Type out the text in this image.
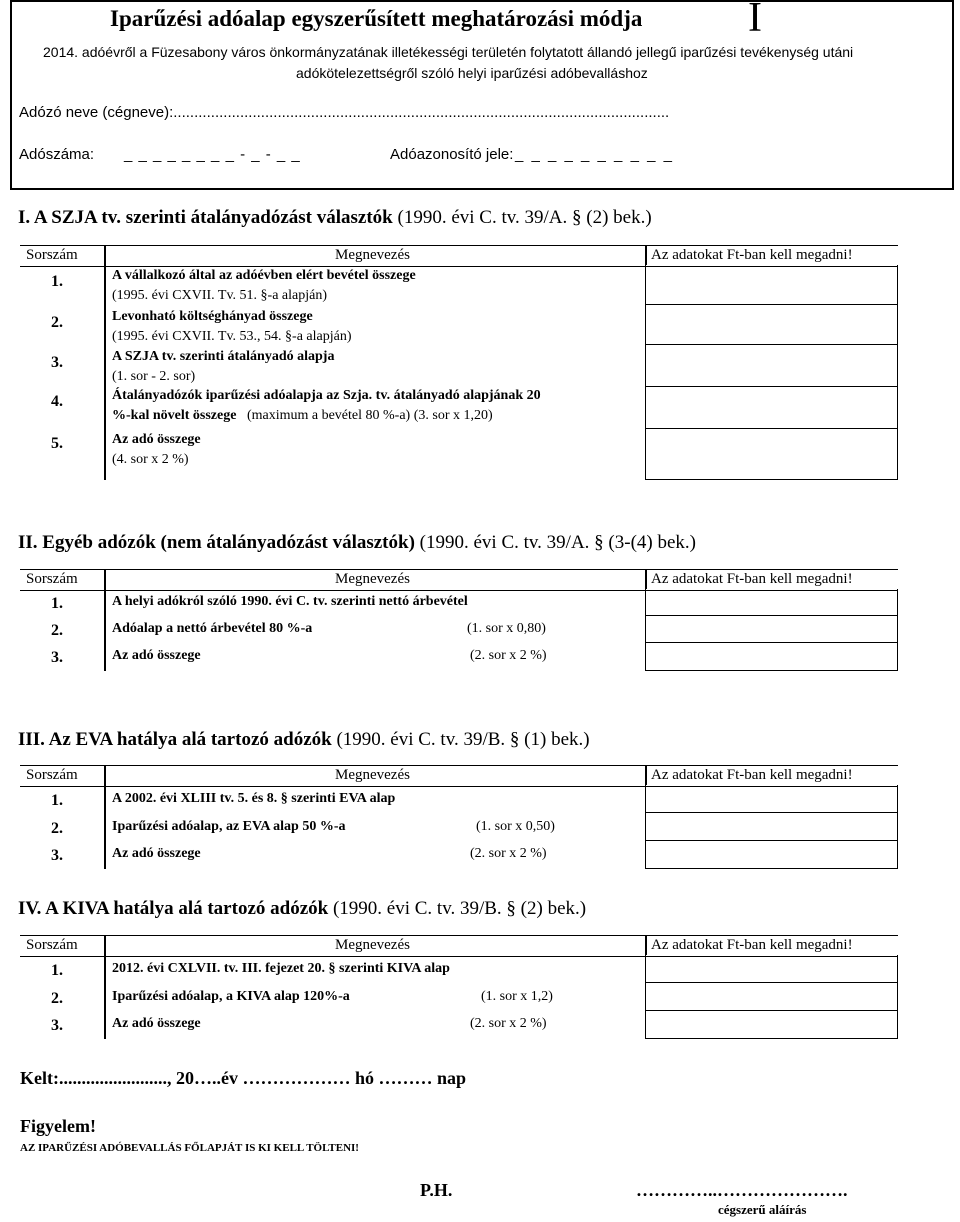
Iparűzési adóalap egyszerűsített meghatározási módja	I
2014. adóévről a Füzesabony város önkormányzatának illetékességi területén folytatott állandó jellegű iparűzési tevékenység utáni
adókötelezettségről szóló helyi iparűzési adóbevalláshoz
Adózó neve (cégneve):.......................................................................................................................
Adószáma: _ _ _ _ _ _ _ _ - _ - _ _	Adóazonosító jele: _ _ _ _ _ _ _ _ _ _
I. A SZJA tv. szerinti átalányadózást választók (1990. évi C. tv. 39/A. § (2) bek.)
Sorszám	Megnevezés	Az adatokat Ft-ban kell megadni!
1.	A vállalkozó által az adóévben elért bevétel összege
(1995. évi CXVII. Tv. 51. §-a alapján)
2.	Levonható költséghányad összege
(1995. évi CXVII. Tv. 53., 54. §-a alapján)
3.	A SZJA tv. szerinti átalányadó alapja
(1. sor - 2. sor)
4.	Átalányadózók iparűzési adóalapja az Szja. tv. átalányadó alapjának 20
%-kal növelt összege (maximum a bevétel 80 %-a) (3. sor x 1,20)
5.	Az adó összege
(4. sor x 2 %)
II. Egyéb adózók (nem átalányadózást választók) (1990. évi C. tv. 39/A. § (3-(4) bek.)
Sorszám	Megnevezés	Az adatokat Ft-ban kell megadni!
1.	A helyi adókról szóló 1990. évi C. tv. szerinti nettó árbevétel
2.	Adóalap a nettó árbevétel 80 %-a	(1. sor x 0,80)
3.	Az adó összege	(2. sor x 2 %)
III. Az EVA hatálya alá tartozó adózók (1990. évi C. tv. 39/B. § (1) bek.)
Sorszám	Megnevezés	Az adatokat Ft-ban kell megadni!
1.	A 2002. évi XLIII tv. 5. és 8. § szerinti EVA alap
2.	Iparűzési adóalap, az EVA alap 50 %-a	(1. sor x 0,50)
3.	Az adó összege	(2. sor x 2 %)
IV. A KIVA hatálya alá tartozó adózók (1990. évi C. tv. 39/B. § (2) bek.)
Sorszám	Megnevezés	Az adatokat Ft-ban kell megadni!
1.	2012. évi CXLVII. tv. III. fejezet 20. § szerinti KIVA alap
2.	Iparűzési adóalap, a KIVA alap 120%-a	(1. sor x 1,2)
3.	Az adó összege	(2. sor x 2 %)
Kelt:........................, 20…..év ……………… hó ……… nap
Figyelem!
AZ IPARŰZÉSI ADÓBEVALLÁS FŐLAPJÁT IS KI KELL TÖLTENI!
P.H.	…………..………………….
cégszerű aláírás
